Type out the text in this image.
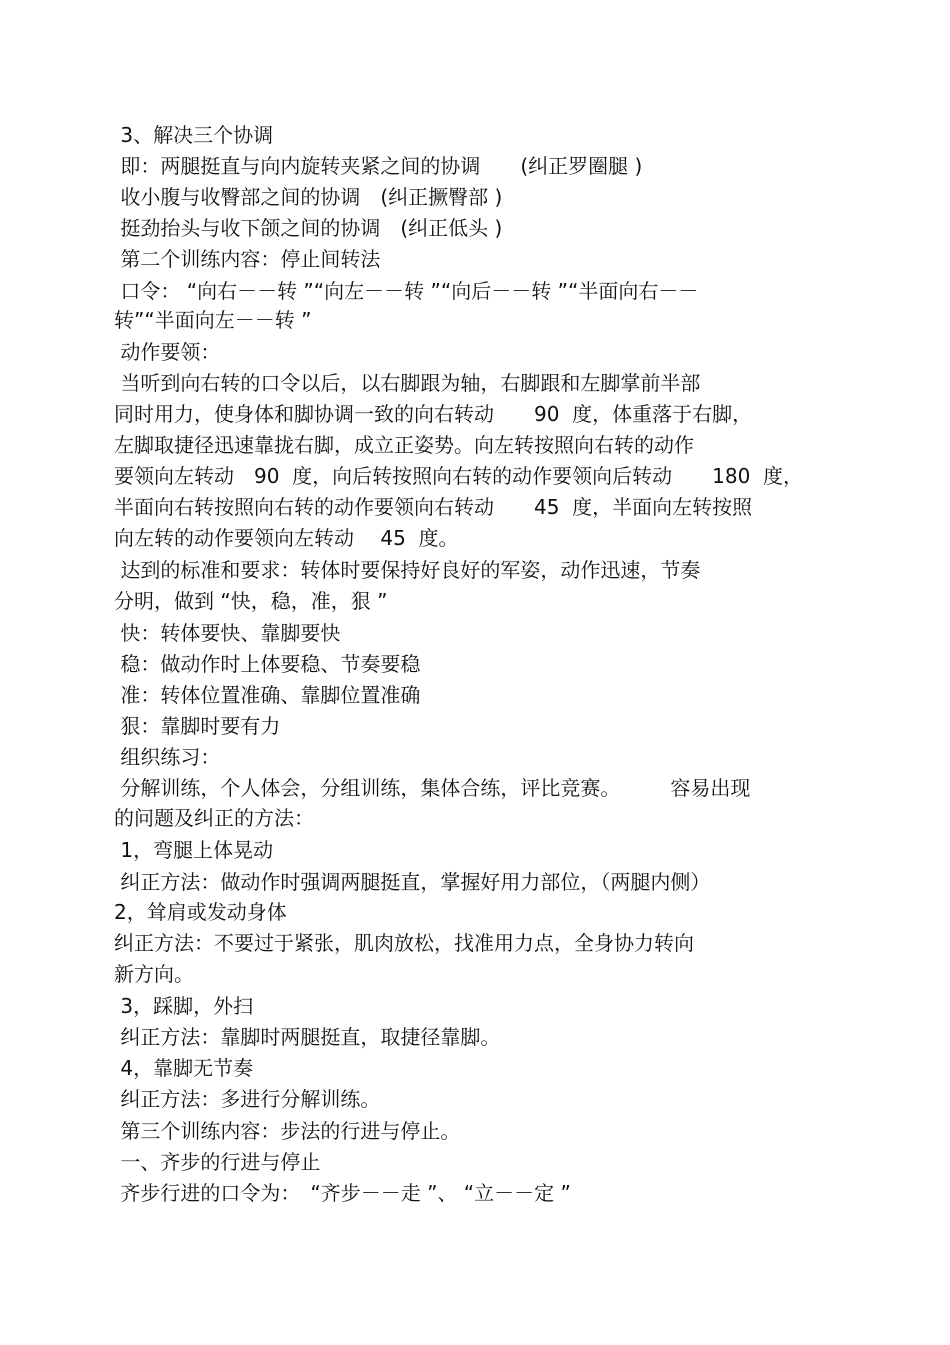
3、解决三个协调

即：两腿挺直与向内旋转夹紧之间的协调　　(纠正罗圈腿 )

收小腹与收臀部之间的协调　(纠正撅臀部 )

挺劲抬头与收下颌之间的协调　(纠正低头 )

第二个训练内容：停止间转法

口令： “向右－－转 ”“向左－－转 ”“向后－－转 ”“半面向右－－

转”“半面向左－－转 ”

动作要领：

当听到向右转的口令以后，以右脚跟为轴，右脚跟和左脚掌前半部

同时用力，使身体和脚协调一致的向右转动　　90  度，体重落于右脚，

左脚取捷径迅速靠拢右脚，成立正姿势。向左转按照向右转的动作

要领向左转动　90  度，向后转按照向右转的动作要领向后转动　　180  度，

半面向右转按照向右转的动作要领向右转动　　45  度，半面向左转按照

向左转的动作要领向左转动　 45  度。

达到的标准和要求：转体时要保持好良好的军姿，动作迅速，节奏

分明，做到 “快，稳，准，狠 ”

快：转体要快、靠脚要快

稳：做动作时上体要稳、节奏要稳

准：转体位置准确、靠脚位置准确

狠：靠脚时要有力

组织练习：

分解训练，个人体会，分组训练，集体合练，评比竞赛。　　　容易出现

的问题及纠正的方法：

1，弯腿上体晃动

纠正方法：做动作时强调两腿挺直，掌握好用力部位，（两腿内侧）

2，耸肩或发动身体

纠正方法：不要过于紧张，肌肉放松，找准用力点，全身协力转向

新方向。

3，踩脚，外扫

纠正方法：靠脚时两腿挺直，取捷径靠脚。

4，靠脚无节奏

纠正方法：多进行分解训练。

第三个训练内容：步法的行进与停止。

一、齐步的行进与停止

齐步行进的口令为：　“齐步－－走 ”、 “立－－定 ”
